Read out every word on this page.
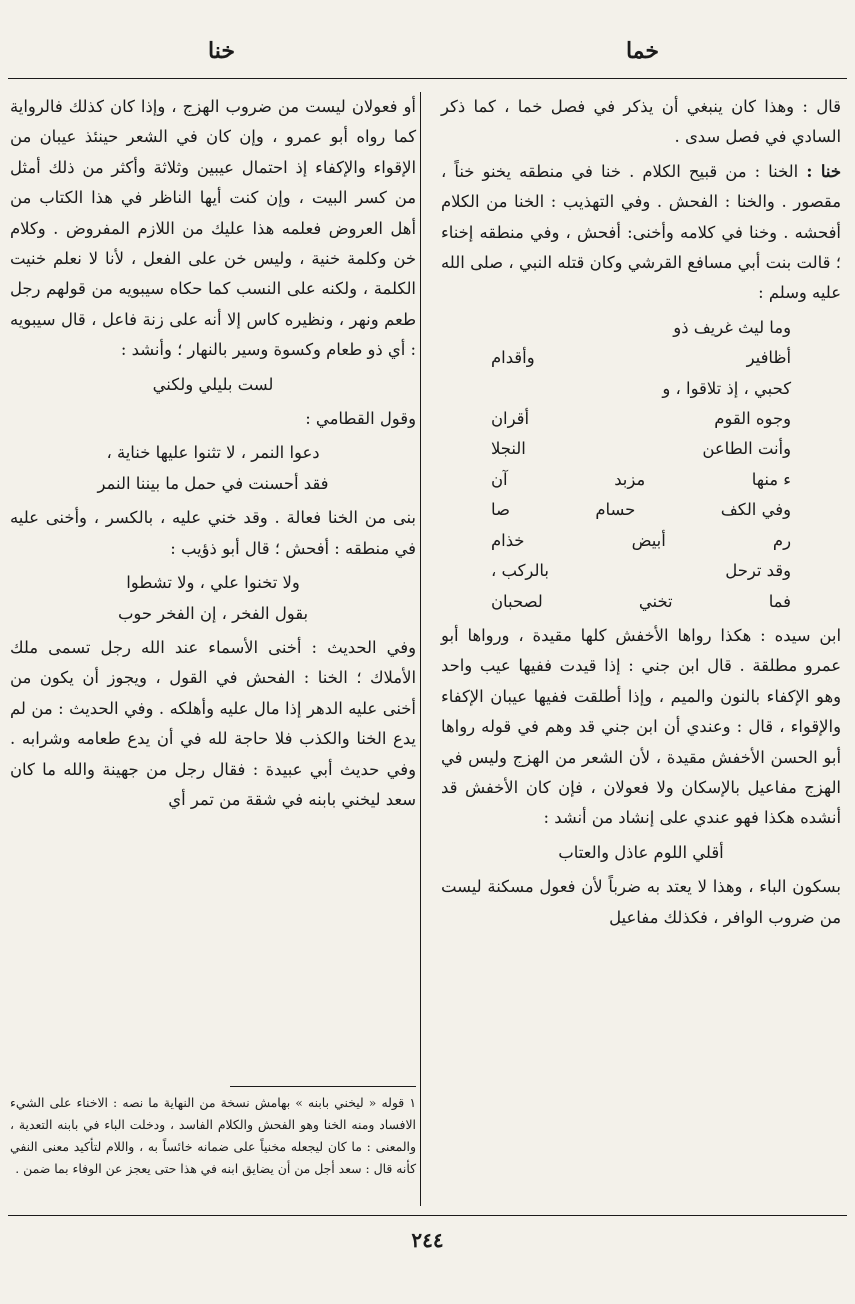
خما
خنا

قال : وهذا كان ينبغي أن يذكر في فصل خما ، كما ذكر السادي في فصل سدى .

خنا : الخنا : من قبيح الكلام . خنا في منطقه يخنو خناً ، مقصور . والخنا : الفحش . وفي التهذيب : الخنا من الكلام أفحشه . وخنا في كلامه وأخنى: أفحش ، وفي منطقه إخناء ؛ قالت بنت أبي مسافع القرشي وكان قتله النبي ، صلى الله عليه وسلم :

وما ليث غريف ذو
أظافير
وأقدام
كحبي ، إذ تلاقوا ، و
وجوه القوم
أقران
وأنت الطاعن
النجلا
ء منها
مزبد
آن
وفي الكف
حسام
صا
رم
أبيض
خذام
وقد ترحل
بالركب ،
فما
تخني
لصحبان

ابن سيده : هكذا رواها الأخفش كلها مقيدة ، ورواها أبو عمرو مطلقة . قال ابن جني : إذا قيدت ففيها عيب واحد وهو الإكفاء بالنون والميم ، وإذا أطلقت ففيها عيبان الإكفاء والإقواء ، قال : وعندي أن ابن جني قد وهم في قوله رواها أبو الحسن الأخفش مقيدة ، لأن الشعر من الهزج وليس في الهزج مفاعيل بالإسكان ولا فعولان ، فإن كان الأخفش قد أنشده هكذا فهو عندي على إنشاد من أنشد :

أقلي اللوم عاذل والعتاب

بسكون الباء ، وهذا لا يعتد به ضرباً لأن فعول مسكنة ليست من ضروب الوافر ، فكذلك مفاعيل

أو فعولان ليست من ضروب الهزج ، وإذا كان كذلك فالرواية كما رواه أبو عمرو ، وإن كان في الشعر حينئذ عيبان من الإقواء والإكفاء إذ احتمال عيبين وثلاثة وأكثر من ذلك أمثل من كسر البيت ، وإن كنت أيها الناظر في هذا الكتاب من أهل العروض فعلمه هذا عليك من اللازم المفروض . وكلام خن وكلمة خنية ، وليس خن على الفعل ، لأنا لا نعلم خنيت الكلمة ، ولكنه على النسب كما حكاه سيبويه من قولهم رجل طعم ونهر ، ونظيره كاس إلا أنه على زنة فاعل ، قال سيبويه : أي ذو طعام وكسوة وسير بالنهار ؛ وأنشد :

لست بليلي ولكني

وقول القطامي :

دعوا النمر ، لا تثنوا عليها خناية ،
فقد أحسنت في حمل ما بيننا النمر

بنى من الخنا فعالة . وقد خني عليه ، بالكسر ، وأخنى عليه في منطقه : أفحش ؛ قال أبو ذؤيب :

ولا تخنوا علي ، ولا تشطوا
بقول الفخر ، إن الفخر حوب

وفي الحديث : أخنى الأسماء عند الله رجل تسمى ملك الأملاك ؛ الخنا : الفحش في القول ، ويجوز أن يكون من أخنى عليه الدهر إذا مال عليه وأهلكه . وفي الحديث : من لم يدع الخنا والكذب فلا حاجة لله في أن يدع طعامه وشرابه . وفي حديث أبي عبيدة : فقال رجل من جهينة والله ما كان سعد ليخني بابنه في شقة من تمر أي

١ قوله « ليخني بابنه » بهامش نسخة من النهاية ما نصه : الاخناء على الشيء الافساد ومنه الخنا وهو الفحش والكلام الفاسد ، ودخلت الباء في بابنه التعدية ، والمعنى : ما كان ليجعله مخنياً على ضمانه خائساً به ، واللام لتأكيد معنى النفي كأنه قال : سعد أجل من أن يضايق ابنه في هذا حتى يعجز عن الوفاء بما ضمن .
٢٤٤
